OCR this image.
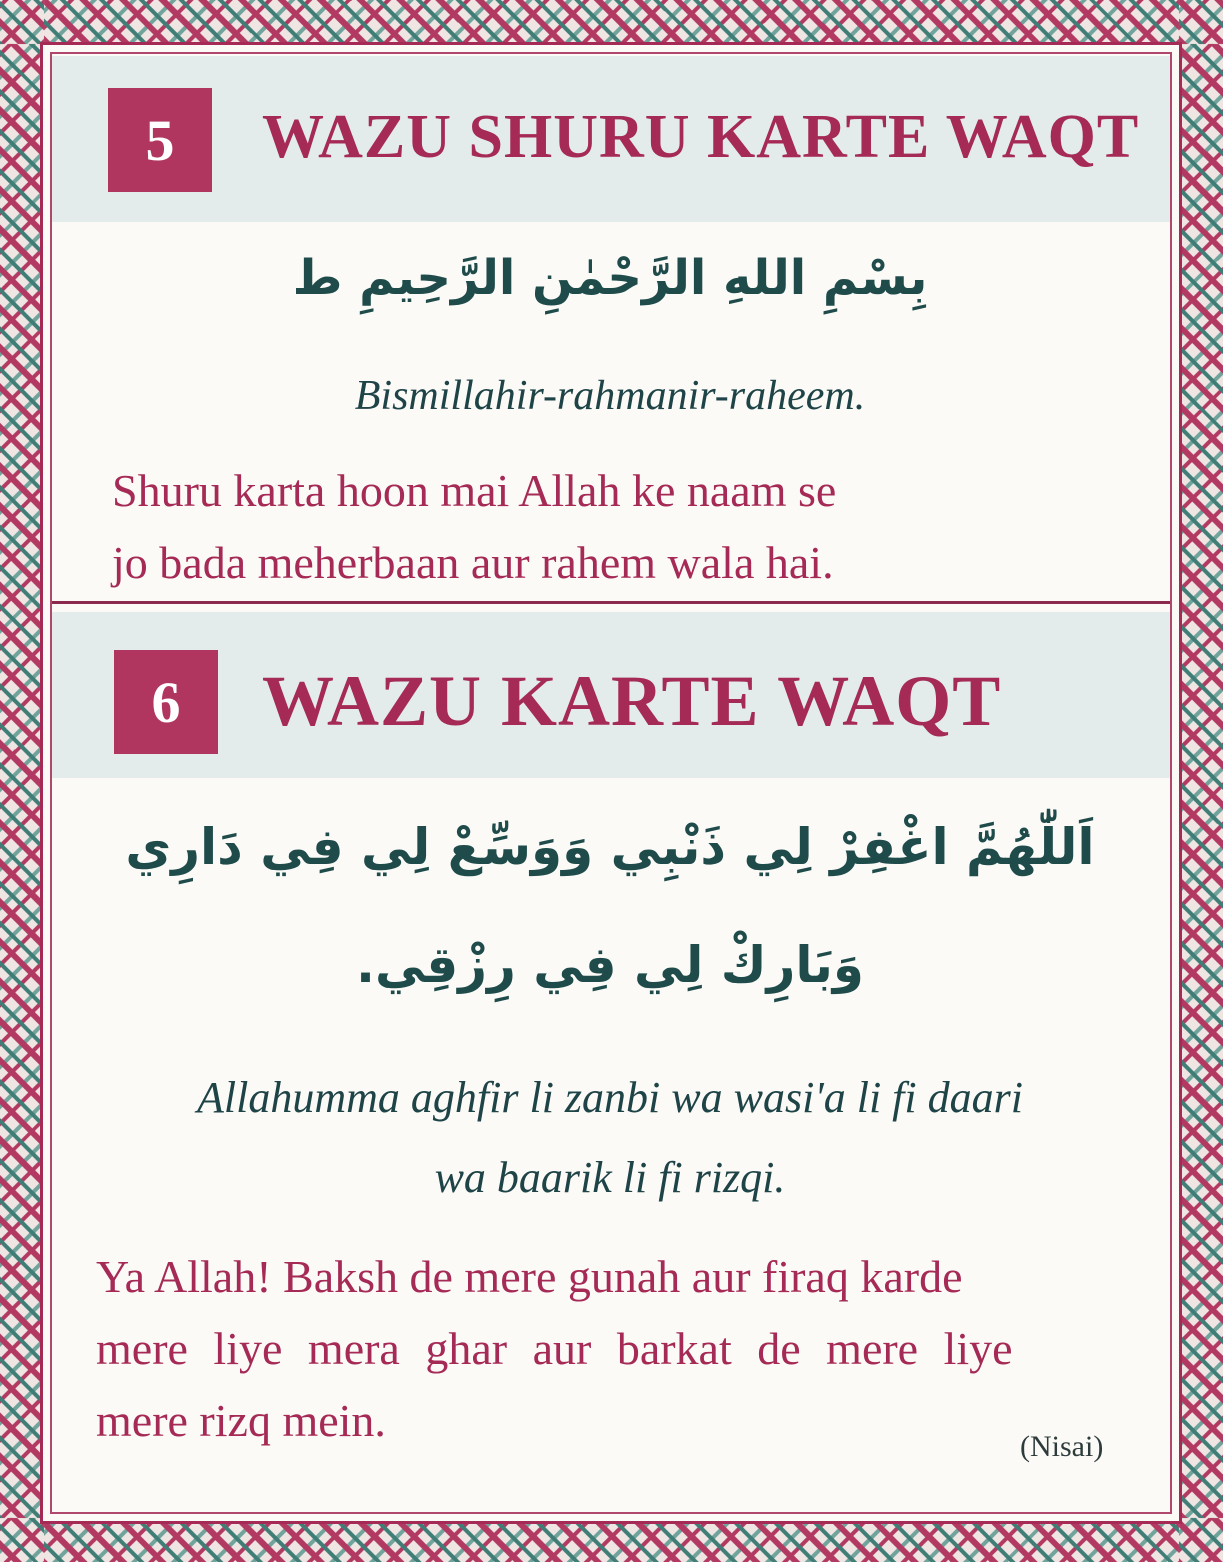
5	WAZU SHURU KARTE WAQT
بِسْمِ اللهِ الرَّحْمٰنِ الرَّحِيمِ ط
Bismillahir-rahmanir-raheem.
Shuru karta hoon mai Allah ke naam se
jo bada meherbaan aur rahem wala hai.
6	WAZU KARTE WAQT
اَللّٰهُمَّ اغْفِرْ لِي ذَنْبِي وَوَسِّعْ لِي فِي دَارِي
وَبَارِكْ لِي فِي رِزْقِي.
Allahumma aghfir li zanbi wa wasi'a li fi daari
wa baarik li fi rizqi.
Ya Allah! Baksh de mere gunah aur firaq karde
mere liye mera ghar aur barkat de mere liye
mere rizq mein.
(Nisai)
